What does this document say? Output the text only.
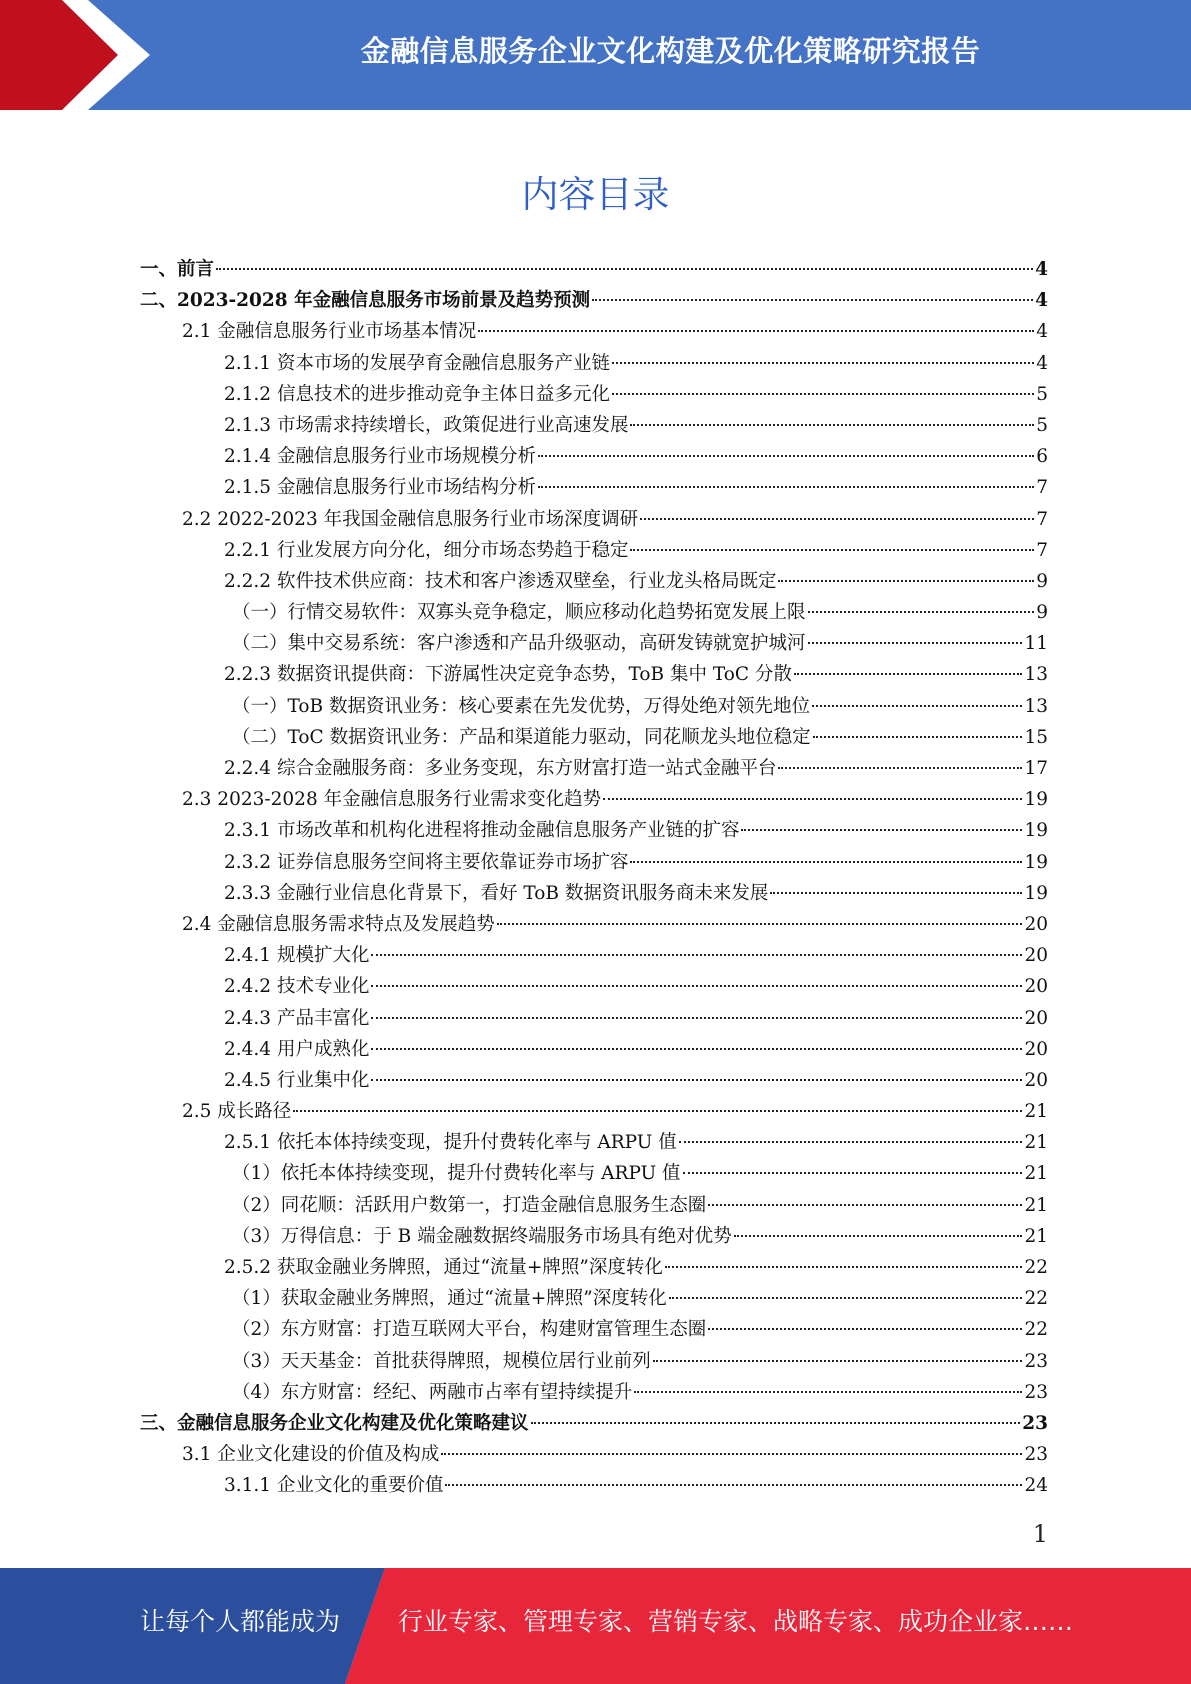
金融信息服务企业文化构建及优化策略研究报告
内容目录
一、前言	4
二、2023-2028 年金融信息服务市场前景及趋势预测	4
2.1 金融信息服务行业市场基本情况	4
2.1.1 资本市场的发展孕育金融信息服务产业链	4
2.1.2 信息技术的进步推动竞争主体日益多元化	5
2.1.3 市场需求持续增长，政策促进行业高速发展	5
2.1.4 金融信息服务行业市场规模分析	6
2.1.5 金融信息服务行业市场结构分析	7
2.2 2022-2023 年我国金融信息服务行业市场深度调研	7
2.2.1 行业发展方向分化，细分市场态势趋于稳定	7
2.2.2 软件技术供应商：技术和客户渗透双壁垒，行业龙头格局既定	9
（一）行情交易软件：双寡头竞争稳定，顺应移动化趋势拓宽发展上限	9
（二）集中交易系统：客户渗透和产品升级驱动，高研发铸就宽护城河	11
2.2.3 数据资讯提供商：下游属性决定竞争态势，ToB 集中 ToC 分散	13
（一）ToB 数据资讯业务：核心要素在先发优势，万得处绝对领先地位	13
（二）ToC 数据资讯业务：产品和渠道能力驱动，同花顺龙头地位稳定	15
2.2.4 综合金融服务商：多业务变现，东方财富打造一站式金融平台	17
2.3 2023-2028 年金融信息服务行业需求变化趋势	19
2.3.1 市场改革和机构化进程将推动金融信息服务产业链的扩容	19
2.3.2 证券信息服务空间将主要依靠证券市场扩容	19
2.3.3 金融行业信息化背景下，看好 ToB 数据资讯服务商未来发展	19
2.4 金融信息服务需求特点及发展趋势	20
2.4.1 规模扩大化	20
2.4.2 技术专业化	20
2.4.3 产品丰富化	20
2.4.4 用户成熟化	20
2.4.5 行业集中化	20
2.5 成长路径	21
2.5.1 依托本体持续变现，提升付费转化率与 ARPU 值	21
（1）依托本体持续变现，提升付费转化率与 ARPU 值	21
（2）同花顺：活跃用户数第一，打造金融信息服务生态圈	21
（3）万得信息：于 B 端金融数据终端服务市场具有绝对优势	21
2.5.2 获取金融业务牌照，通过“流量+牌照”深度转化	22
（1）获取金融业务牌照，通过“流量+牌照”深度转化	22
（2）东方财富：打造互联网大平台，构建财富管理生态圈	22
（3）天天基金：首批获得牌照，规模位居行业前列	23
（4）东方财富：经纪、两融市占率有望持续提升	23
三、金融信息服务企业文化构建及优化策略建议	23
3.1 企业文化建设的价值及构成	23
3.1.1 企业文化的重要价值	24
1
让每个人都能成为 行业专家、管理专家、营销专家、战略专家、成功企业家……
